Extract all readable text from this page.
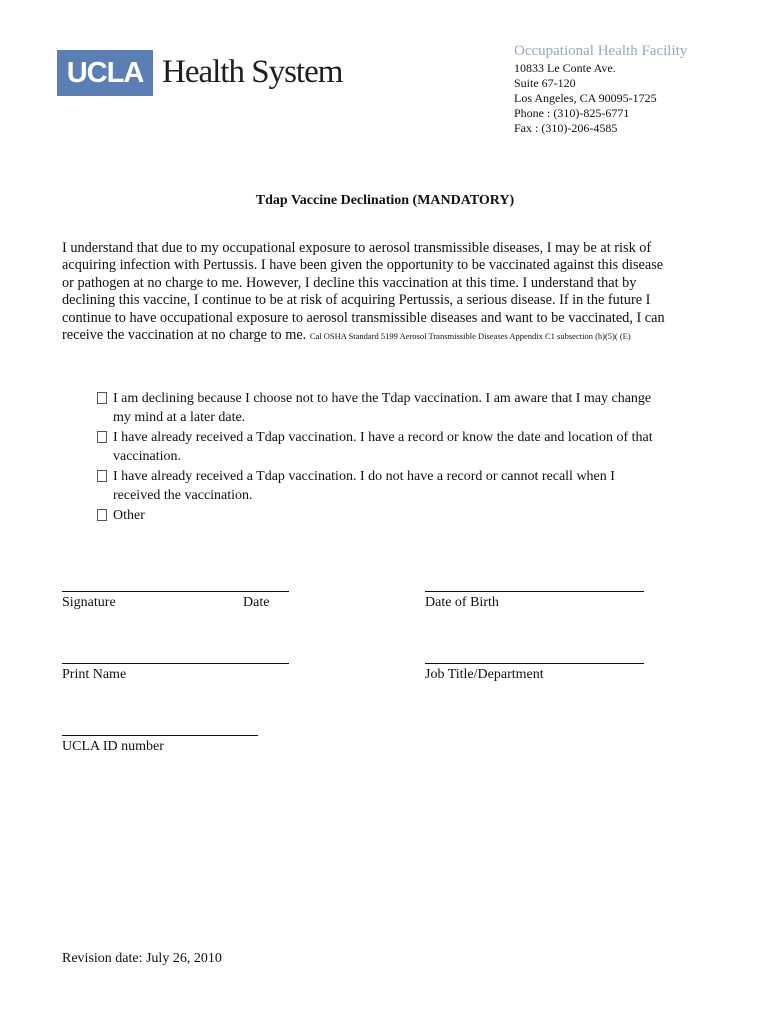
UCLA Health System
Occupational Health Facility
10833 Le Conte Ave.
Suite 67-120
Los Angeles, CA 90095-1725
Phone : (310)-825-6771
Fax : (310)-206-4585
Tdap Vaccine Declination (MANDATORY)
I understand that due to my occupational exposure to aerosol transmissible diseases, I may be at risk of
acquiring infection with Pertussis. I have been given the opportunity to be vaccinated against this disease
or pathogen at no charge to me. However, I decline this vaccination at this time. I understand that by
declining this vaccine, I continue to be at risk of acquiring Pertussis, a serious disease. If in the future I
continue to have occupational exposure to aerosol transmissible diseases and want to be vaccinated, I can
receive the vaccination at no charge to me. Cal OSHA Standard 5199 Aerosol Transmissible Diseases Appendix C1 subsection (h)(5)( (E)
I am declining because I choose not to have the Tdap vaccination. I am aware that I may change
my mind at a later date.
I have already received a Tdap vaccination. I have a record or know the date and location of that
vaccination.
I have already received a Tdap vaccination. I do not have a record or cannot recall when I
received the vaccination.
Other
Signature	Date	Date of Birth
Print Name	Job Title/Department
UCLA ID number
Revision date: July 26, 2010
